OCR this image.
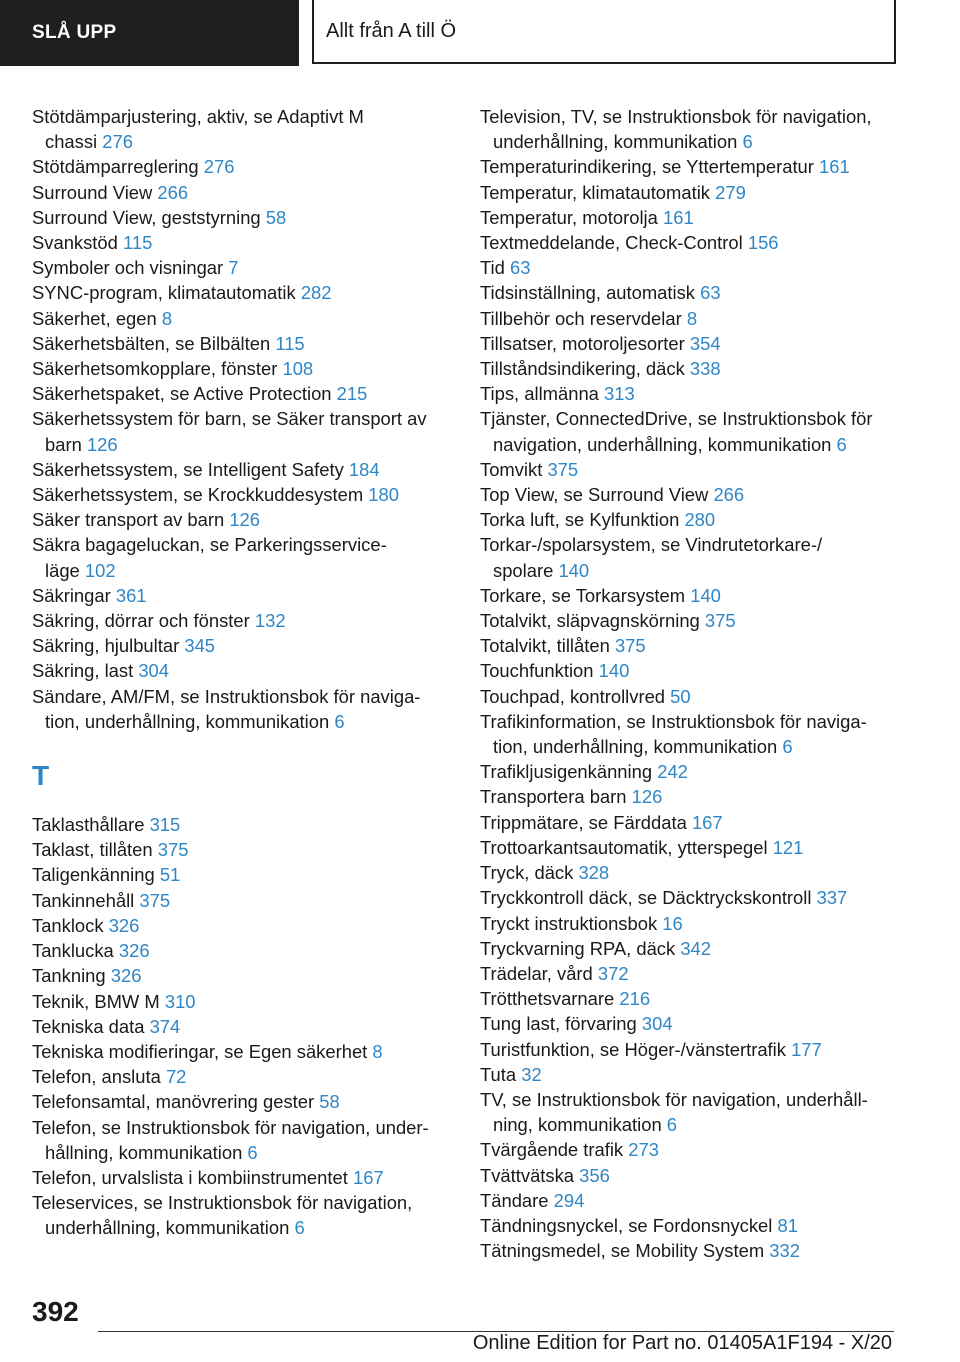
SLÅ UPP	Allt från A till Ö
Stötdämparjustering, aktiv, se Adaptivt M
chassi 276
Stötdämparreglering 276
Surround View 266
Surround View, geststyrning 58
Svankstöd 115
Symboler och visningar 7
SYNC-program, klimatautomatik 282
Säkerhet, egen 8
Säkerhetsbälten, se Bilbälten 115
Säkerhetsomkopplare, fönster 108
Säkerhetspaket, se Active Protection 215
Säkerhetssystem för barn, se Säker transport av
barn 126
Säkerhetssystem, se Intelligent Safety 184
Säkerhetssystem, se Krockkuddesystem 180
Säker transport av barn 126
Säkra bagageluckan, se Parkeringsservice-
läge 102
Säkringar 361
Säkring, dörrar och fönster 132
Säkring, hjulbultar 345
Säkring, last 304
Sändare, AM/FM, se Instruktionsbok för naviga-
tion, underhållning, kommunikation 6
T
Taklasthållare 315
Taklast, tillåten 375
Taligenkänning 51
Tankinnehåll 375
Tanklock 326
Tanklucka 326
Tankning 326
Teknik, BMW M 310
Tekniska data 374
Tekniska modifieringar, se Egen säkerhet 8
Telefon, ansluta 72
Telefonsamtal, manövrering gester 58
Telefon, se Instruktionsbok för navigation, under-
hållning, kommunikation 6
Telefon, urvalslista i kombiinstrumentet 167
Teleservices, se Instruktionsbok för navigation,
underhållning, kommunikation 6
Television, TV, se Instruktionsbok för navigation,
underhållning, kommunikation 6
Temperaturindikering, se Yttertemperatur 161
Temperatur, klimatautomatik 279
Temperatur, motorolja 161
Textmeddelande, Check-Control 156
Tid 63
Tidsinställning, automatisk 63
Tillbehör och reservdelar 8
Tillsatser, motoroljesorter 354
Tillståndsindikering, däck 338
Tips, allmänna 313
Tjänster, ConnectedDrive, se Instruktionsbok för
navigation, underhållning, kommunikation 6
Tomvikt 375
Top View, se Surround View 266
Torka luft, se Kylfunktion 280
Torkar-/spolarsystem, se Vindrutetorkare-/
spolare 140
Torkare, se Torkarsystem 140
Totalvikt, släpvagnskörning 375
Totalvikt, tillåten 375
Touchfunktion 140
Touchpad, kontrollvred 50
Trafikinformation, se Instruktionsbok för naviga-
tion, underhållning, kommunikation 6
Trafikljusigenkänning 242
Transportera barn 126
Trippmätare, se Färddata 167
Trottoarkantsautomatik, ytterspegel 121
Tryck, däck 328
Tryckkontroll däck, se Däcktryckskontroll 337
Tryckt instruktionsbok 16
Tryckvarning RPA, däck 342
Trädelar, vård 372
Trötthetsvarnare 216
Tung last, förvaring 304
Turistfunktion, se Höger-/vänstertrafik 177
Tuta 32
TV, se Instruktionsbok för navigation, underhåll-
ning, kommunikation 6
Tvärgående trafik 273
Tvättvätska 356
Tändare 294
Tändningsnyckel, se Fordonsnyckel 81
Tätningsmedel, se Mobility System 332
392
Online Edition for Part no. 01405A1F194 - X/20
